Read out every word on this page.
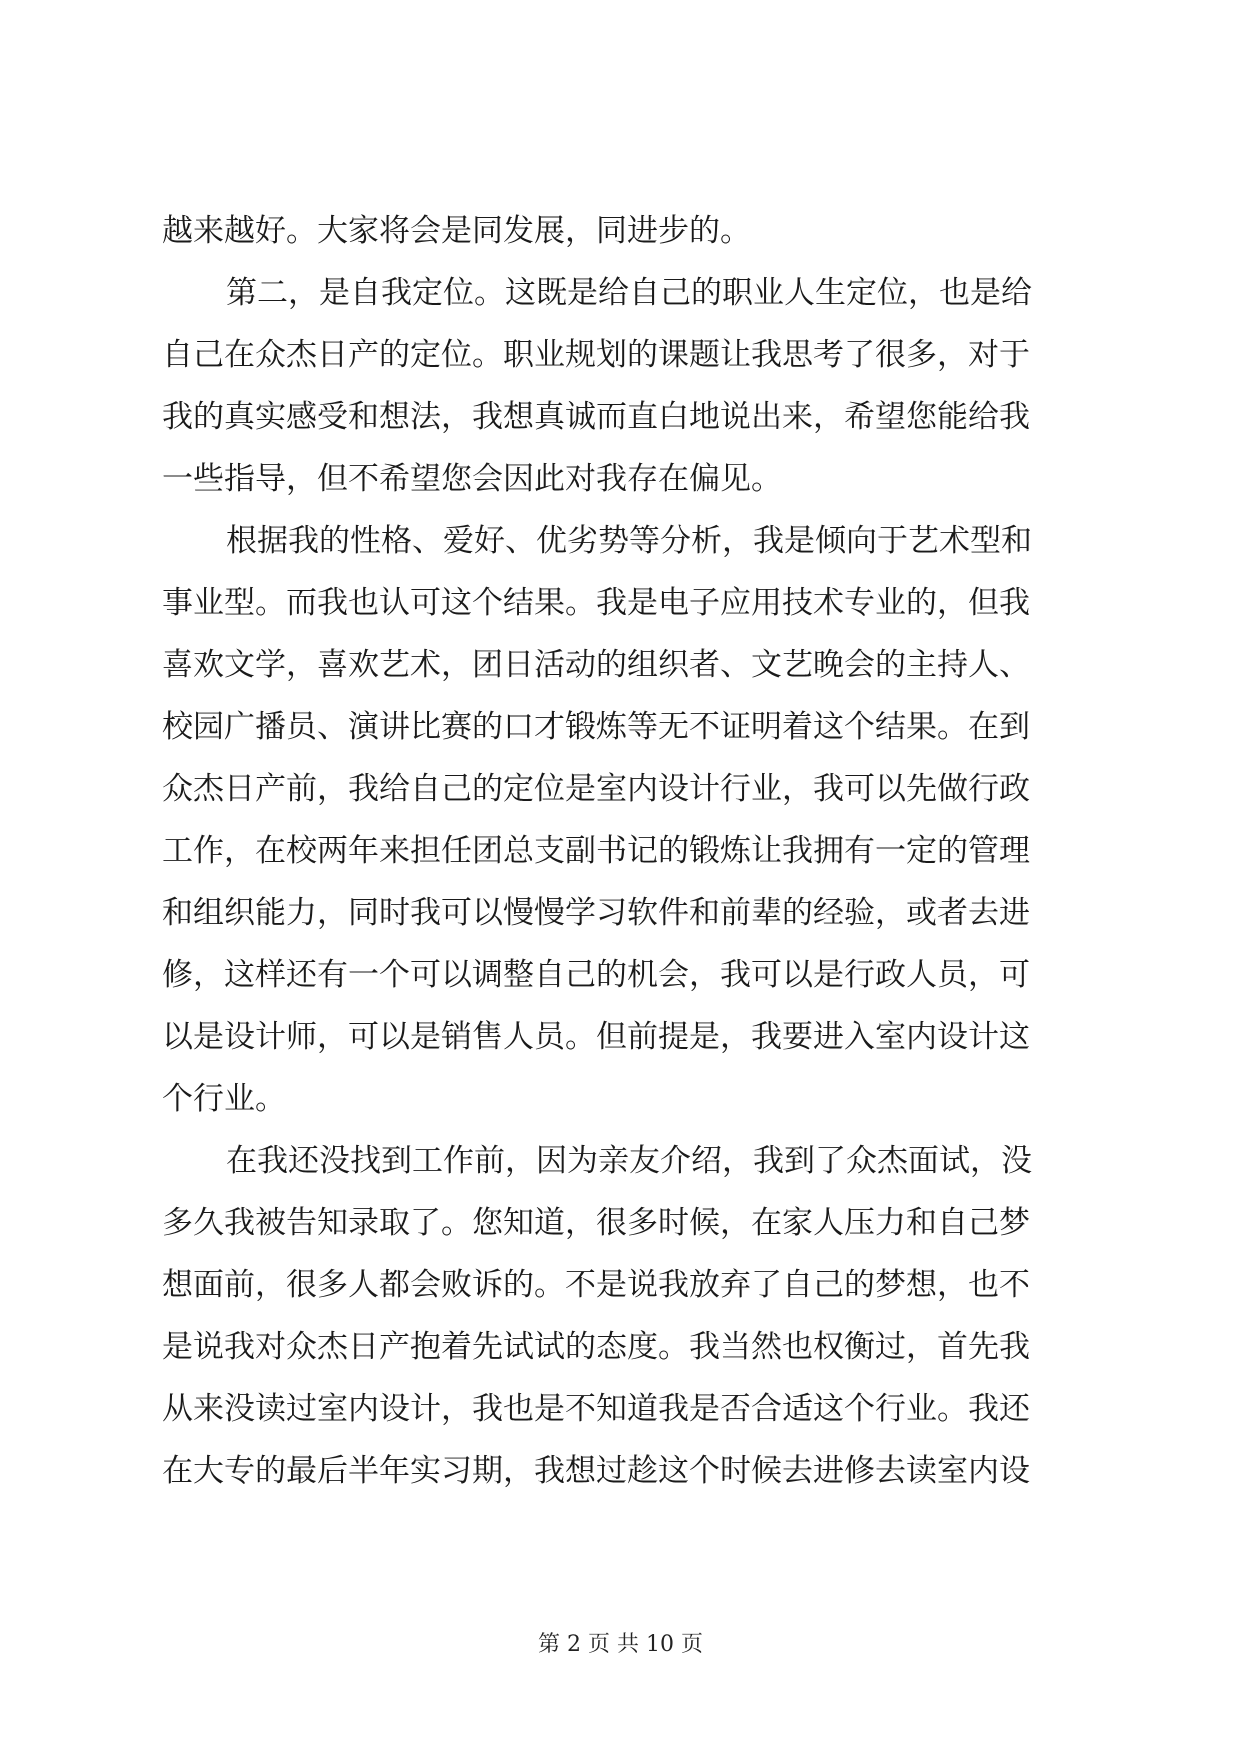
越来越好。大家将会是同发展，同进步的。
第二，是自我定位。这既是给自己的职业人生定位，也是给
自己在众杰日产的定位。职业规划的课题让我思考了很多，对于
我的真实感受和想法，我想真诚而直白地说出来，希望您能给我
一些指导，但不希望您会因此对我存在偏见。
根据我的性格、爱好、优劣势等分析，我是倾向于艺术型和
事业型。而我也认可这个结果。我是电子应用技术专业的，但我
喜欢文学，喜欢艺术，团日活动的组织者、文艺晚会的主持人、
校园广播员、演讲比赛的口才锻炼等无不证明着这个结果。在到
众杰日产前，我给自己的定位是室内设计行业，我可以先做行政
工作，在校两年来担任团总支副书记的锻炼让我拥有一定的管理
和组织能力，同时我可以慢慢学习软件和前辈的经验，或者去进
修，这样还有一个可以调整自己的机会，我可以是行政人员，可
以是设计师，可以是销售人员。但前提是，我要进入室内设计这
个行业。
在我还没找到工作前，因为亲友介绍，我到了众杰面试，没
多久我被告知录取了。您知道，很多时候，在家人压力和自己梦
想面前，很多人都会败诉的。不是说我放弃了自己的梦想，也不
是说我对众杰日产抱着先试试的态度。我当然也权衡过，首先我
从来没读过室内设计，我也是不知道我是否合适这个行业。我还
在大专的最后半年实习期，我想过趁这个时候去进修去读室内设
第 2 页 共 10 页
